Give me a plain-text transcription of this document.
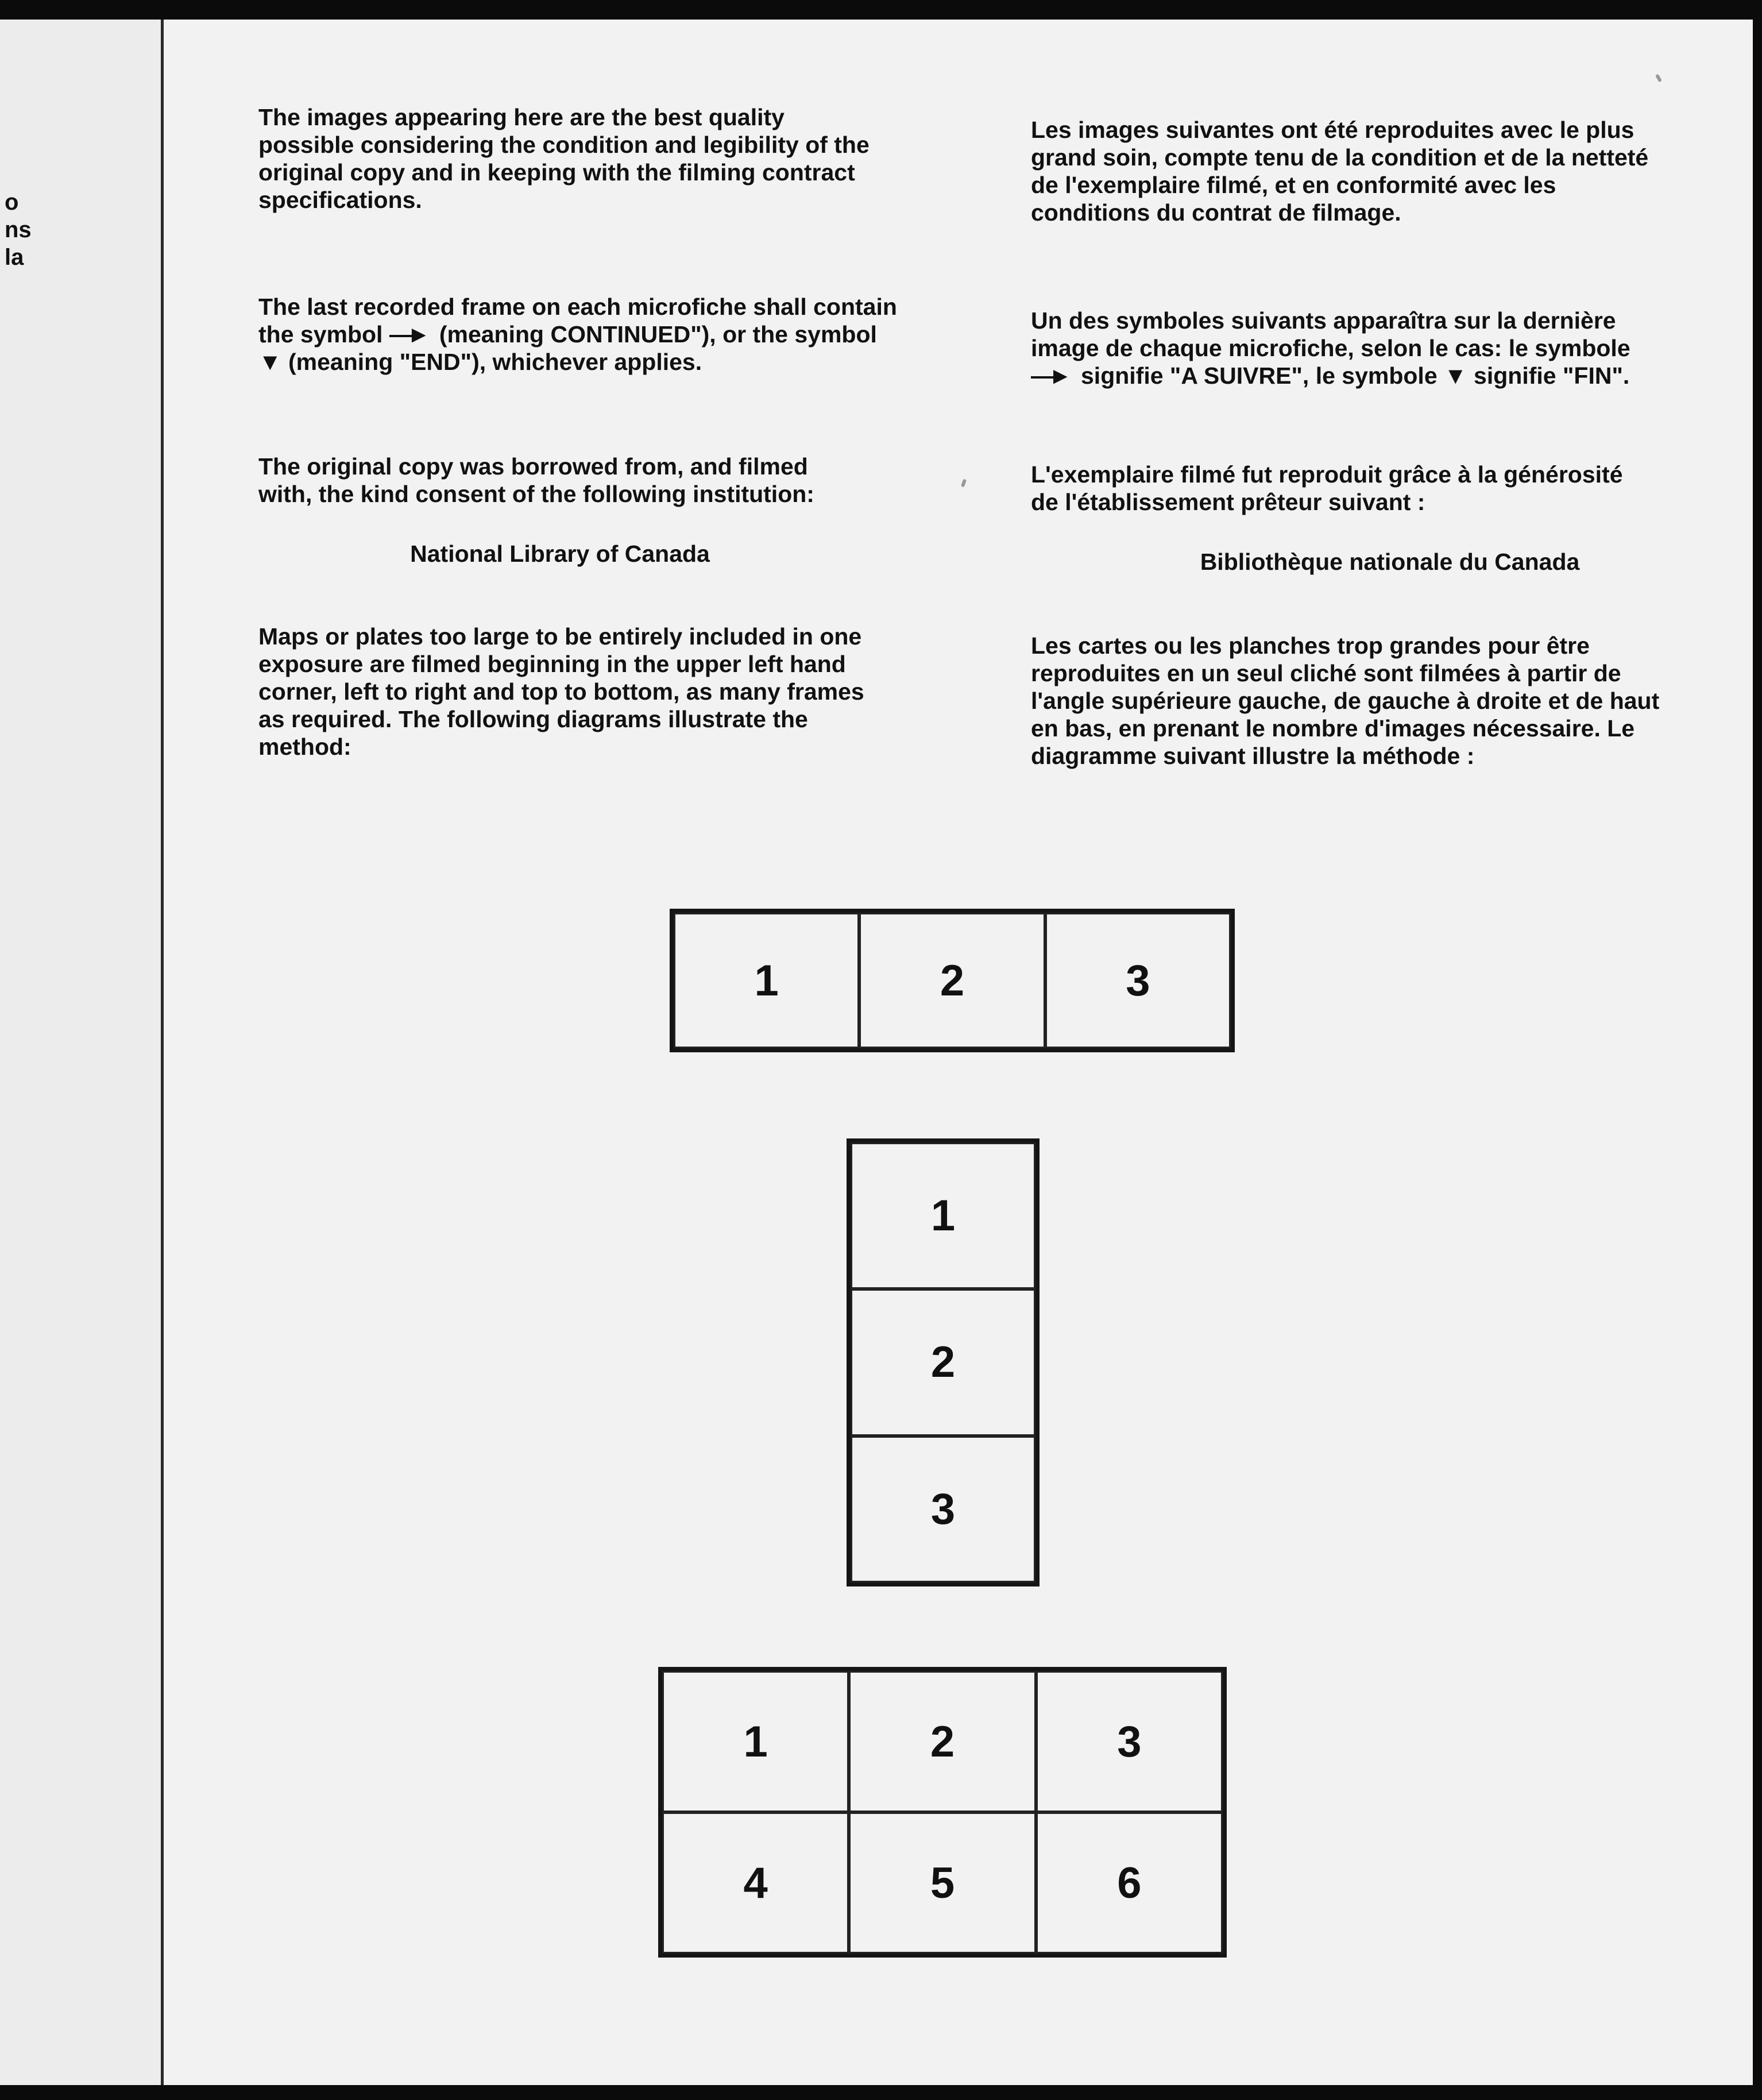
o
ns
la

The images appearing here are the best quality possible considering the condition and legibility of the original copy and in keeping with the filming contract specifications.

The last recorded frame on each microfiche shall contain the symbol —► (meaning CONTINUED"), or the symbol ▼ (meaning "END"), whichever applies.

The original copy was borrowed from, and filmed with, the kind consent of the following institution:

National Library of Canada

Maps or plates too large to be entirely included in one exposure are filmed beginning in the upper left hand corner, left to right and top to bottom, as many frames as required. The following diagrams illustrate the method:

Les images suivantes ont été reproduites avec le plus grand soin, compte tenu de la condition et de la netteté de l'exemplaire filmé, et en conformité avec les conditions du contrat de filmage.

Un des symboles suivants apparaîtra sur la dernière image de chaque microfiche, selon le cas: le symbole —► signifie "A SUIVRE", le symbole ▼ signifie "FIN".

L'exemplaire filmé fut reproduit grâce à la générosité de l'établissement prêteur suivant :

Bibliothèque nationale du Canada

Les cartes ou les planches trop grandes pour être reproduites en un seul cliché sont filmées à partir de l'angle supérieure gauche, de gauche à droite et de haut en bas, en prenant le nombre d'images nécessaire. Le diagramme suivant illustre la méthode :

1	2	3
1
2
3
1	2	3
4	5	6
